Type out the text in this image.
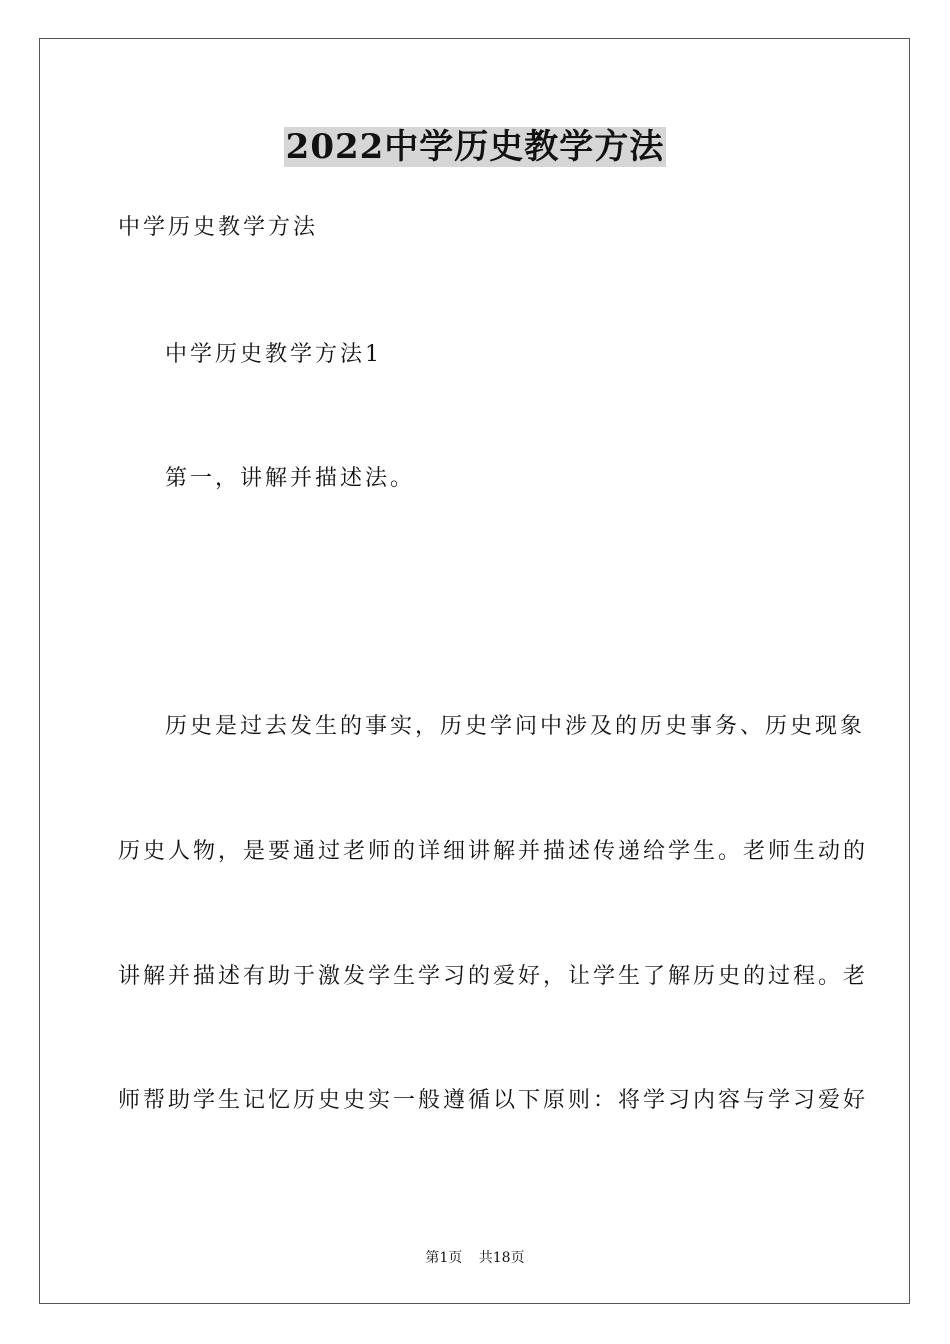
2022中学历史教学方法
中学历史教学方法
中学历史教学方法1
第一，讲解并描述法。
历史是过去发生的事实，历史学问中涉及的历史事务、历史现象
历史人物，是要通过老师的详细讲解并描述传递给学生。老师生动的
讲解并描述有助于激发学生学习的爱好，让学生了解历史的过程。老
师帮助学生记忆历史史实一般遵循以下原则：将学习内容与学习爱好
第1页 共18页
